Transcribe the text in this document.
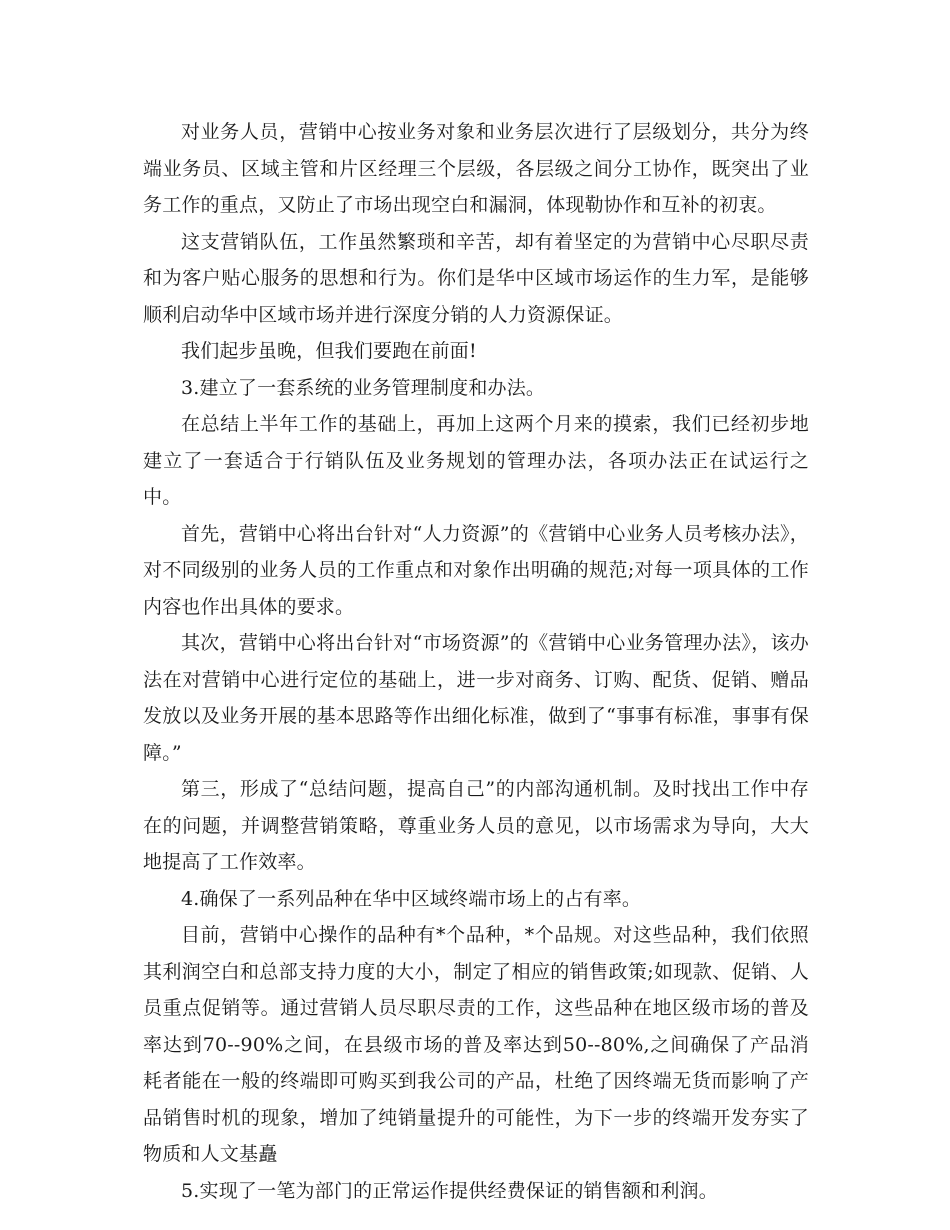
对业务人员，营销中心按业务对象和业务层次进行了层级划分，共分为终端业务员、区域主管和片区经理三个层级，各层级之间分工协作，既突出了业务工作的重点，又防止了市场出现空白和漏洞，体现勒协作和互补的初衷。

这支营销队伍，工作虽然繁琐和辛苦，却有着坚定的为营销中心尽职尽责和为客户贴心服务的思想和行为。你们是华中区域市场运作的生力军，是能够顺利启动华中区域市场并进行深度分销的人力资源保证。

我们起步虽晚，但我们要跑在前面!

3.建立了一套系统的业务管理制度和办法。

在总结上半年工作的基础上，再加上这两个月来的摸索，我们已经初步地建立了一套适合于行销队伍及业务规划的管理办法，各项办法正在试运行之中。

首先，营销中心将出台针对“人力资源”的《营销中心业务人员考核办法》，对不同级别的业务人员的工作重点和对象作出明确的规范;对每一项具体的工作内容也作出具体的要求。

其次，营销中心将出台针对“市场资源”的《营销中心业务管理办法》，该办法在对营销中心进行定位的基础上，进一步对商务、订购、配货、促销、赠品发放以及业务开展的基本思路等作出细化标准，做到了“事事有标准，事事有保障。”

第三，形成了“总结问题，提高自己”的内部沟通机制。及时找出工作中存在的问题，并调整营销策略，尊重业务人员的意见，以市场需求为导向，大大地提高了工作效率。

4.确保了一系列品种在华中区域终端市场上的占有率。

目前，营销中心操作的品种有*个品种，*个品规。对这些品种，我们依照其利润空白和总部支持力度的大小，制定了相应的销售政策;如现款、促销、人员重点促销等。通过营销人员尽职尽责的工作，这些品种在地区级市场的普及率达到70--90%之间，在县级市场的普及率达到50--80%,之间确保了产品消耗者能在一般的终端即可购买到我公司的产品，杜绝了因终端无货而影响了产品销售时机的现象，增加了纯销量提升的可能性，为下一步的终端开发夯实了物质和人文基矗

5.实现了一笔为部门的正常运作提供经费保证的销售额和利润。
